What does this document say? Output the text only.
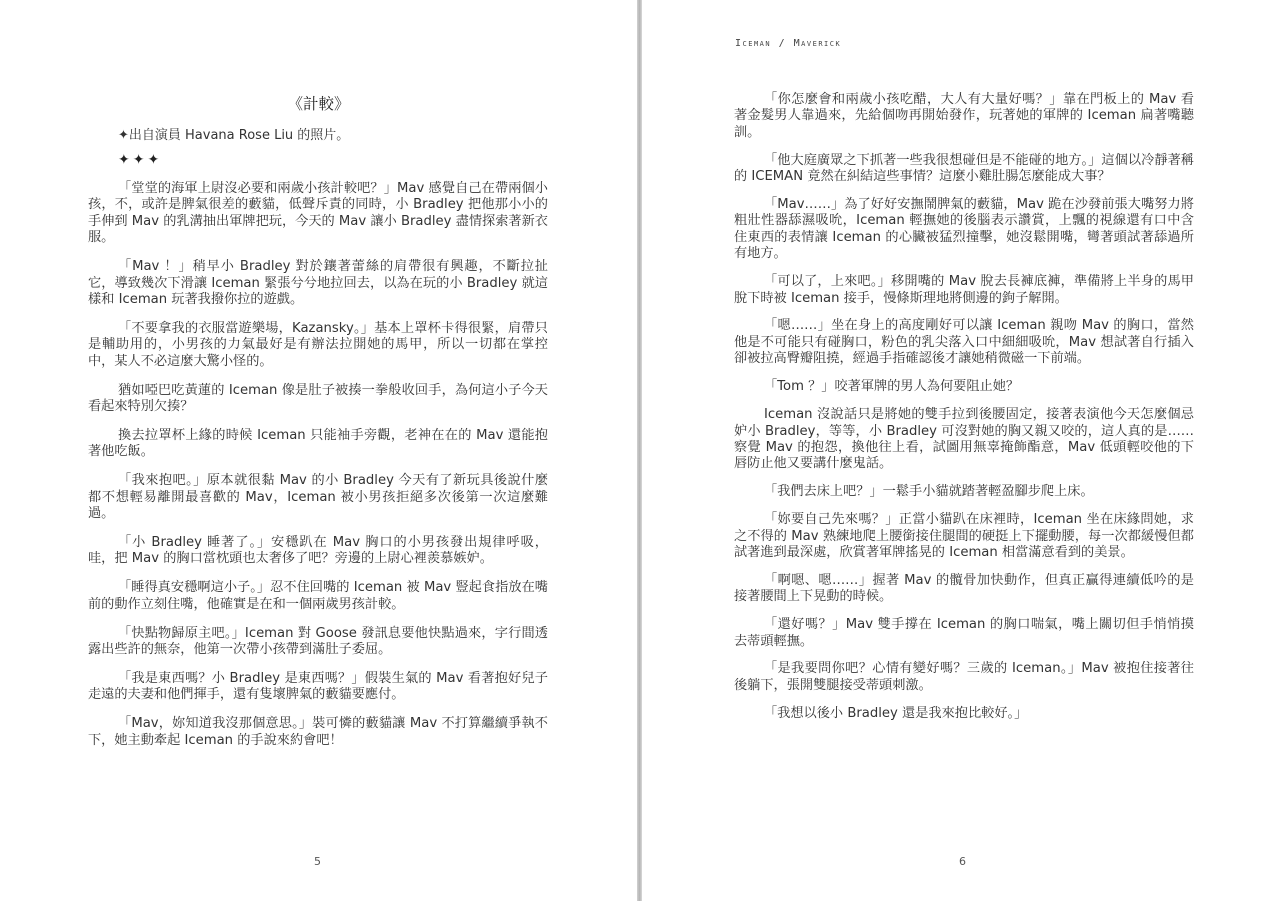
《計較》
✦出自演員 Havana Rose Liu 的照片。
✦✦✦

「堂堂的海軍上尉沒必要和兩歲小孩計較吧？」Mav 感覺自己在帶兩個小孩，不，或許是脾氣很差的藪貓，低聲斥責的同時，小 Bradley 把他那小小的手伸到 Mav 的乳溝抽出軍牌把玩，今天的 Mav 讓小 Bradley 盡情探索著新衣服。

「Mav ！」稍早小 Bradley 對於鑲著蕾絲的肩帶很有興趣，不斷拉扯它，導致幾次下滑讓 Iceman 緊張兮兮地拉回去，以為在玩的小 Bradley 就這樣和 Iceman 玩著我撥你拉的遊戲。

「不要拿我的衣服當遊樂場，Kazansky。」基本上罩杯卡得很緊，肩帶只是輔助用的，小男孩的力氣最好是有辦法拉開她的馬甲，所以一切都在掌控中，某人不必這麼大驚小怪的。

猶如啞巴吃黃蓮的 Iceman 像是肚子被揍一拳般收回手，為何這小子今天看起來特別欠揍？

換去拉罩杯上緣的時候 Iceman 只能袖手旁觀，老神在在的 Mav 還能抱著他吃飯。

「我來抱吧。」原本就很黏 Mav 的小 Bradley 今天有了新玩具後說什麼都不想輕易離開最喜歡的 Mav，Iceman 被小男孩拒絕多次後第一次這麼難過。

「小 Bradley 睡著了。」安穩趴在 Mav 胸口的小男孩發出規律呼吸，哇，把 Mav 的胸口當枕頭也太奢侈了吧？旁邊的上尉心裡羨慕嫉妒。

「睡得真安穩啊這小子。」忍不住回嘴的 Iceman 被 Mav 豎起食指放在嘴前的動作立刻住嘴，他確實是在和一個兩歲男孩計較。

「快點物歸原主吧。」Iceman 對 Goose 發訊息要他快點過來，字行間透露出些許的無奈，他第一次帶小孩帶到滿肚子委屈。

「我是東西嗎？小 Bradley 是東西嗎？」假裝生氣的 Mav 看著抱好兒子走遠的夫妻和他們揮手，還有隻壞脾氣的藪貓要應付。

「Mav，妳知道我沒那個意思。」裝可憐的藪貓讓 Mav 不打算繼續爭執不下，她主動牽起 Iceman 的手說來約會吧！

5
Iceman / Maverick

「你怎麼會和兩歲小孩吃醋，大人有大量好嗎？」靠在門板上的 Mav 看著金髮男人靠過來，先給個吻再開始發作，玩著她的軍牌的 Iceman 扁著嘴聽訓。

「他大庭廣眾之下抓著一些我很想碰但是不能碰的地方。」這個以冷靜著稱的 ICEMAN 竟然在糾結這些事情？這麼小雞肚腸怎麼能成大事？

「Mav……」為了好好安撫鬧脾氣的藪貓，Mav 跪在沙發前張大嘴努力將粗壯性器舔濕吸吮，Iceman 輕撫她的後腦表示讚賞，上飄的視線還有口中含住東西的表情讓 Iceman 的心臟被猛烈撞擊，她沒鬆開嘴，彎著頭試著舔過所有地方。

「可以了，上來吧。」移開嘴的 Mav 脫去長褲底褲，準備將上半身的馬甲脫下時被 Iceman 接手，慢條斯理地將側邊的鉤子解開。

「嗯……」坐在身上的高度剛好可以讓 Iceman 親吻 Mav 的胸口，當然他是不可能只有碰胸口，粉色的乳尖落入口中細細吸吮，Mav 想試著自行插入卻被拉高臀瓣阻撓，經過手指確認後才讓她稍微磁一下前端。

「Tom ？」咬著軍牌的男人為何要阻止她？

Iceman 沒說話只是將她的雙手拉到後腰固定，接著表演他今天怎麼個忌妒小 Bradley，等等，小 Bradley 可沒對她的胸又親又咬的，這人真的是……察覺 Mav 的抱怨，換他往上看，試圖用無辜掩飾酯意，Mav 低頭輕咬他的下唇防止他又要講什麼鬼話。

「我們去床上吧？」一鬆手小貓就踏著輕盈腳步爬上床。

「妳要自己先來嗎？」正當小貓趴在床裡時，Iceman 坐在床緣問她，求之不得的 Mav 熟練地爬上腰銜接住腿間的硬挺上下擺動腰，每一次都緩慢但都試著進到最深處，欣賞著軍牌搖晃的 Iceman 相當滿意看到的美景。

「啊嗯、嗯……」握著 Mav 的髖骨加快動作，但真正贏得連續低吟的是接著腰間上下晃動的時候。

「還好嗎？」Mav 雙手撐在 Iceman 的胸口喘氣，嘴上關切但手悄悄摸去蒂頭輕撫。

「是我要問你吧？心情有變好嗎？三歲的 Iceman。」Mav 被抱住接著往後躺下，張開雙腿接受蒂頭刺激。

「我想以後小 Bradley 還是我來抱比較好。」

6
